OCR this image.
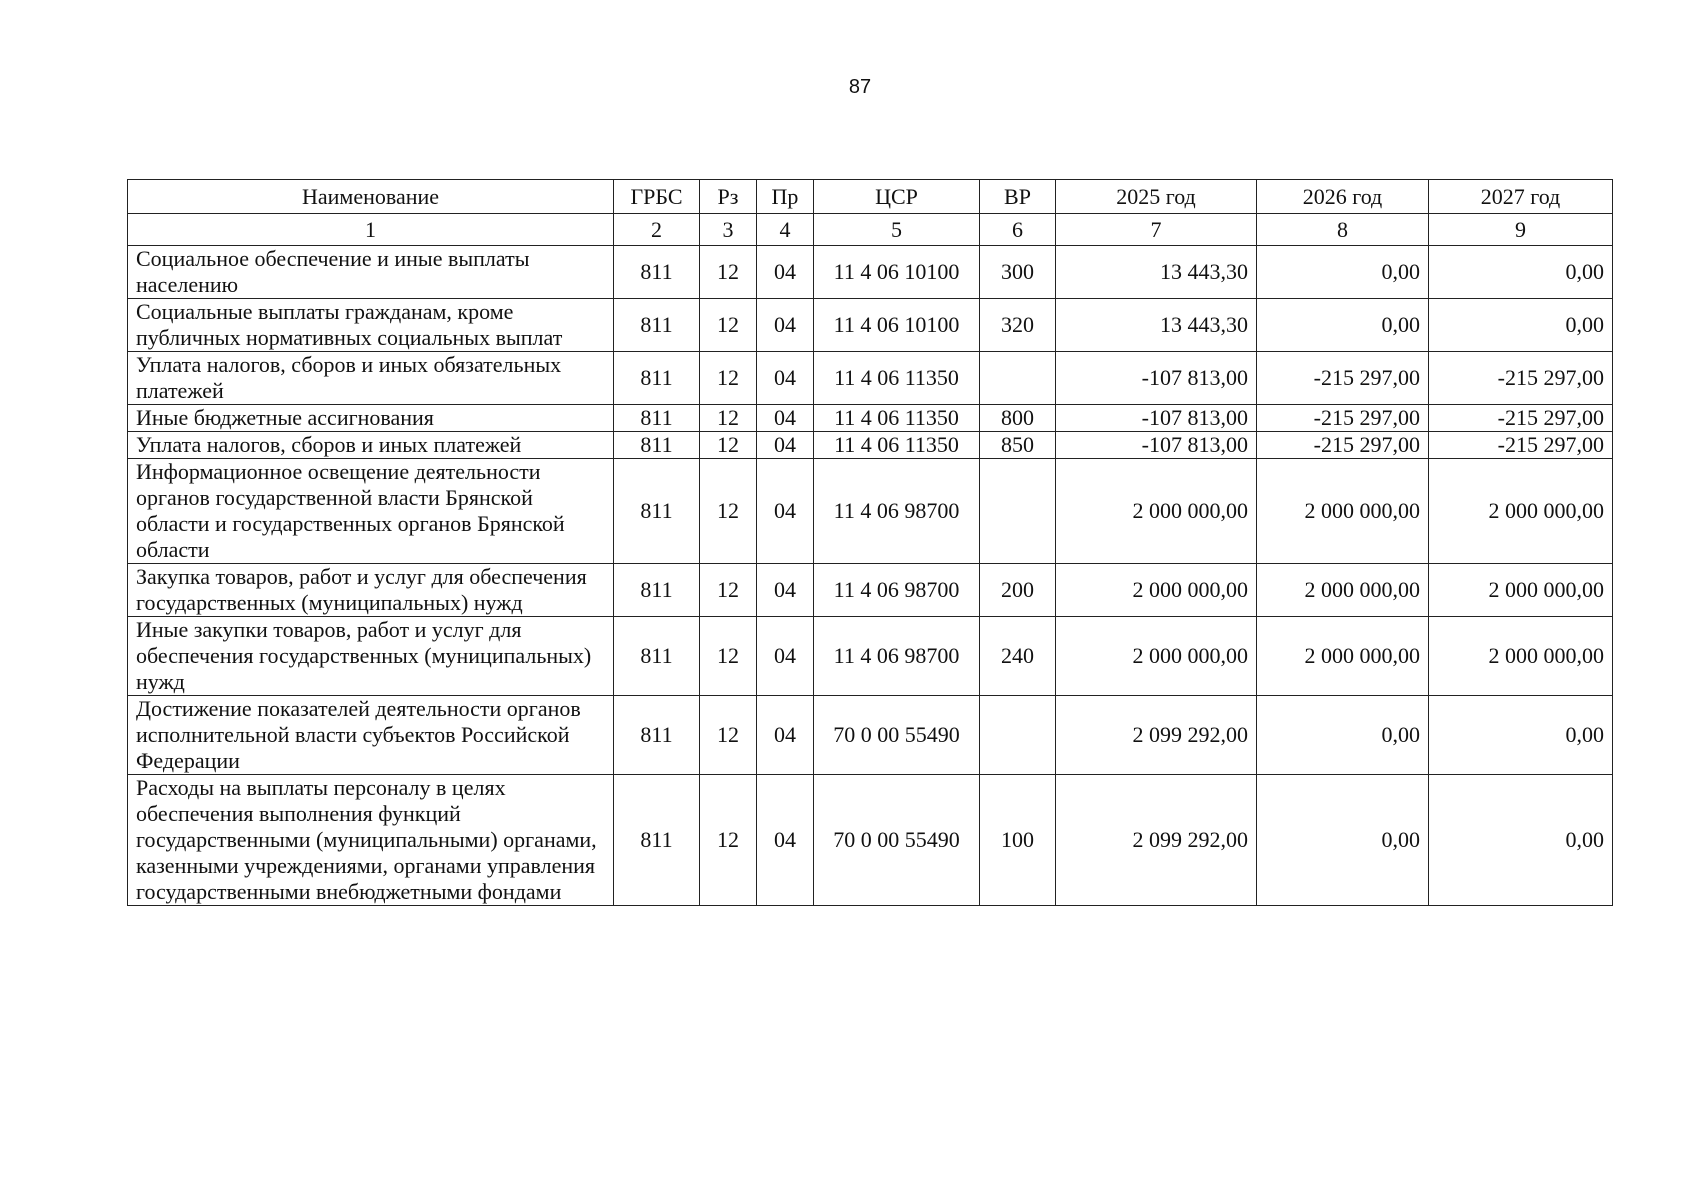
87
Наименование	ГРБС	Рз	Пр	ЦСР	ВР	2025 год	2026 год	2027 год
1	2	3	4	5	6	7	8	9
Социальное обеспечение и иные выплаты населению	811	12	04	11 4 06 10100	300	13 443,30	0,00	0,00
Социальные выплаты гражданам, кроме публичных нормативных социальных выплат	811	12	04	11 4 06 10100	320	13 443,30	0,00	0,00
Уплата налогов, сборов и иных обязательных платежей	811	12	04	11 4 06 11350		-107 813,00	-215 297,00	-215 297,00
Иные бюджетные ассигнования	811	12	04	11 4 06 11350	800	-107 813,00	-215 297,00	-215 297,00
Уплата налогов, сборов и иных платежей	811	12	04	11 4 06 11350	850	-107 813,00	-215 297,00	-215 297,00
Информационное освещение деятельности органов государственной власти Брянской области и государственных органов Брянской области	811	12	04	11 4 06 98700		2 000 000,00	2 000 000,00	2 000 000,00
Закупка товаров, работ и услуг для обеспечения государственных (муниципальных) нужд	811	12	04	11 4 06 98700	200	2 000 000,00	2 000 000,00	2 000 000,00
Иные закупки товаров, работ и услуг для обеспечения государственных (муниципальных) нужд	811	12	04	11 4 06 98700	240	2 000 000,00	2 000 000,00	2 000 000,00
Достижение показателей деятельности органов исполнительной власти субъектов Российской Федерации	811	12	04	70 0 00 55490		2 099 292,00	0,00	0,00
Расходы на выплаты персоналу в целях обеспечения выполнения функций государственными (муниципальными) органами, казенными учреждениями, органами управления государственными внебюджетными фондами	811	12	04	70 0 00 55490	100	2 099 292,00	0,00	0,00
